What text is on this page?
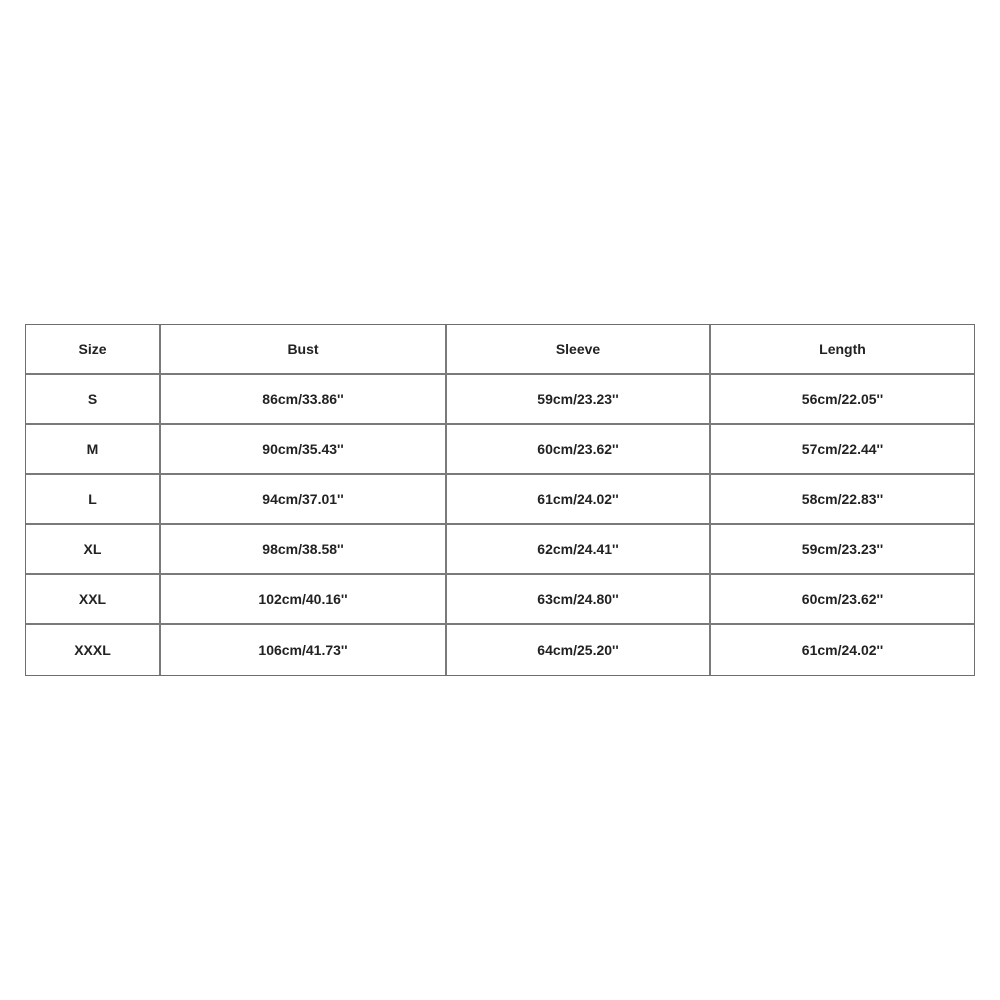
Size	Bust	Sleeve	Length
S	86cm/33.86''	59cm/23.23''	56cm/22.05''
M	90cm/35.43''	60cm/23.62''	57cm/22.44''
L	94cm/37.01''	61cm/24.02''	58cm/22.83''
XL	98cm/38.58''	62cm/24.41''	59cm/23.23''
XXL	102cm/40.16''	63cm/24.80''	60cm/23.62''
XXXL	106cm/41.73''	64cm/25.20''	61cm/24.02''
